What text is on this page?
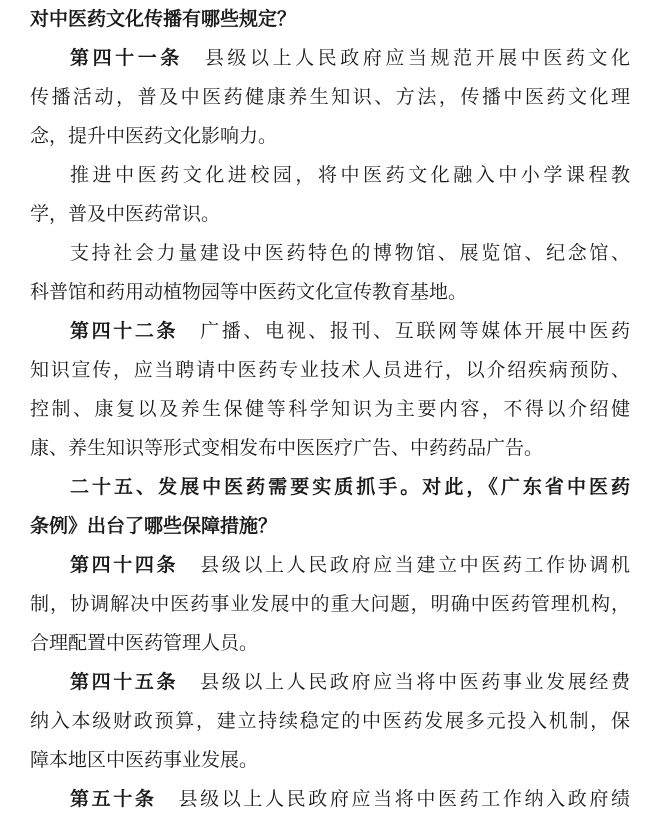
对中医药文化传播有哪些规定？
第四十一条 县级以上人民政府应当规范开展中医药文化
传播活动，普及中医药健康养生知识、方法，传播中医药文化理
念，提升中医药文化影响力。
推进中医药文化进校园，将中医药文化融入中小学课程教
学，普及中医药常识。
支持社会力量建设中医药特色的博物馆、展览馆、纪念馆、
科普馆和药用动植物园等中医药文化宣传教育基地。
第四十二条 广播、电视、报刊、互联网等媒体开展中医药
知识宣传，应当聘请中医药专业技术人员进行，以介绍疾病预防、
控制、康复以及养生保健等科学知识为主要内容，不得以介绍健
康、养生知识等形式变相发布中医医疗广告、中药药品广告。
二十五、发展中医药需要实质抓手。对此，《广东省中医药
条例》出台了哪些保障措施？
第四十四条 县级以上人民政府应当建立中医药工作协调机
制，协调解决中医药事业发展中的重大问题，明确中医药管理机构，
合理配置中医药管理人员。
第四十五条 县级以上人民政府应当将中医药事业发展经费
纳入本级财政预算，建立持续稳定的中医药发展多元投入机制，保
障本地区中医药事业发展。
第五十条 县级以上人民政府应当将中医药工作纳入政府绩
